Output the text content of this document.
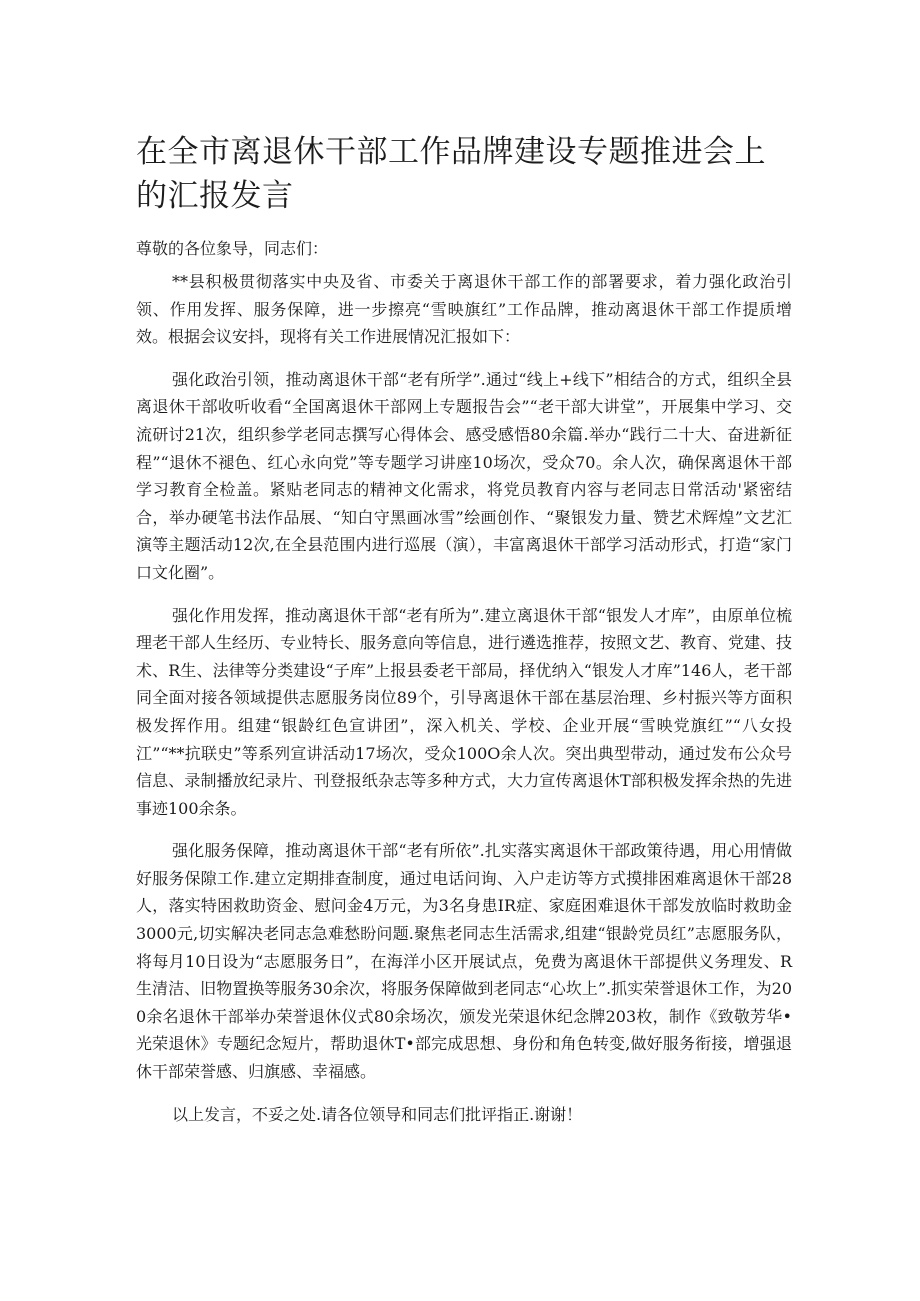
在全市离退休干部工作品牌建设专题推进会上的汇报发言

尊敬的各位象导，同志们：

**县积极贯彻落实中央及省、市委关于离退休干部工作的部署要求，着力强化政治引领、作用发挥、服务保障，进一步擦亮“雪映旗红”工作品牌，推动离退休干部工作提质增效。根据会议安抖，现将有关工作进展情况汇报如下：

强化政治引领，推动离退休干部“老有所学”.通过“线上+线下”相结合的方式，组织全县离退休干部收听收看“全国离退休干部网上专题报告会”“老干部大讲堂”，开展集中学习、交流研讨21次，组织参学老同志撰写心得体会、感受感悟80余篇.举办“践行二十大、奋进新征程”“退休不褪色、红心永向党”等专题学习讲座10场次，受众70。余人次，确保离退休干部学习教育全检盖。紧贴老同志的精神文化需求，将党员教育内容与老同志日常活动'紧密结合，举办硬笔书法作品展、“知白守黑画冰雪”绘画创作、“聚银发力量、赞艺术辉煌”文艺汇演等主题活动12次,在全县范围内进行巡展（演），丰富离退休干部学习活动形式，打造“家门口文化圈”。

强化作用发挥，推动离退休干部“老有所为”.建立离退休干部“银发人才库”，由原单位梳理老干部人生经历、专业特长、服务意向等信息，进行遴选推荐，按照文艺、教育、党建、技术、R生、法律等分类建设“子库”上报县委老干部局，择优纳入“银发人才库”146人，老干部同全面对接各领域提供志愿服务岗位89个，引导离退休干部在基层治理、乡村振兴等方面积极发挥作用。组建“银龄红色宣讲团”，深入机关、学校、企业开展“雪映党旗红”“八女投江”“**抗联史”等系列宣讲活动17场次，受众100O余人次。突出典型带动，通过发布公众号信息、录制播放纪录片、刊登报纸杂志等多种方式，大力宣传离退休T部积极发挥余热的先进事迹100余条。

强化服务保障，推动离退休干部“老有所依”.扎实落实离退休干部政策待遇，用心用情做好服务保隙工作.建立定期排查制度，通过电话问询、入户走访等方式摸排困难离退休干部28人，落实特困救助资金、慰问金4万元，为3名身患IR症、家庭困难退休干部发放临时救助金3000元,切实解决老同志急难愁盼问题.聚焦老同志生活需求,组建“银龄党员红”志愿服务队，将每月10日设为“志愿服务日”，在海洋小区开展试点，免费为离退休干部提供义务理发、R生清洁、旧物置换等服务30余次，将服务保障做到老同志“心坎上”.抓实荣誉退休工作，为200余名退休干部举办荣誉退休仪式80余场次，颁发光荣退休纪念牌203枚，制作《致敬芳华•光荣退休》专题纪念短片，帮助退休T•部完成思想、身份和角色转变,做好服务衔接，增强退休干部荣誉感、归旗感、幸福感。

以上发言，不妥之处.请各位领导和同志们批评指正.谢谢！
